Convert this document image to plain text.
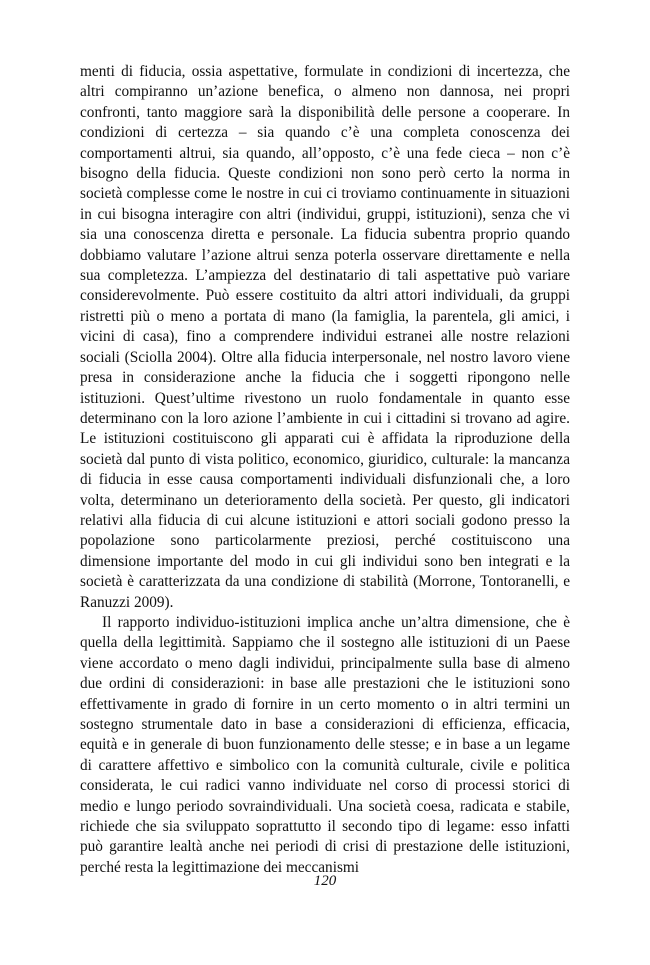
menti di fiducia, ossia aspettative, formulate in condizioni di incertezza, che altri compiranno un’azione benefica, o almeno non dannosa, nei propri confronti, tanto maggiore sarà la disponibilità delle persone a cooperare. In condizioni di certezza – sia quando c’è una completa conoscenza dei comportamenti altrui, sia quando, all’opposto, c’è una fede cieca – non c’è bisogno della fiducia. Queste condizioni non sono però certo la norma in società complesse come le nostre in cui ci troviamo continuamente in situazioni in cui bisogna interagire con altri (individui, gruppi, istituzioni), senza che vi sia una conoscenza diretta e personale. La fiducia subentra proprio quando dobbiamo valutare l’azione altrui senza poterla osservare direttamente e nella sua completezza. L’ampiezza del destinatario di tali aspettative può variare considerevolmente. Può essere costituito da altri attori individuali, da gruppi ristretti più o meno a portata di mano (la famiglia, la parentela, gli amici, i vicini di casa), fino a comprendere individui estranei alle nostre relazioni sociali (Sciolla 2004). Oltre alla fiducia interpersonale, nel nostro lavoro viene presa in considerazione anche la fiducia che i soggetti ripongono nelle istituzioni. Quest’ultime rivestono un ruolo fondamentale in quanto esse determinano con la loro azione l’ambiente in cui i cittadini si trovano ad agire. Le istituzioni costituiscono gli apparati cui è affidata la riproduzione della società dal punto di vista politico, economico, giuridico, culturale: la mancanza di fiducia in esse causa comportamenti individuali disfunzionali che, a loro volta, determinano un deterioramento della società. Per questo, gli indicatori relativi alla fiducia di cui alcune istituzioni e attori sociali godono presso la popolazione sono particolarmente preziosi, perché costituiscono una dimensione importante del modo in cui gli individui sono ben integrati e la società è caratterizzata da una condizione di stabilità (Morrone, Tontoranelli, e Ranuzzi 2009).

Il rapporto individuo-istituzioni implica anche un’altra dimensione, che è quella della legittimità. Sappiamo che il sostegno alle istituzioni di un Paese viene accordato o meno dagli individui, principalmente sulla base di almeno due ordini di considerazioni: in base alle prestazioni che le istituzioni sono effettivamente in grado di fornire in un certo momento o in altri termini un sostegno strumentale dato in base a considerazioni di efficienza, efficacia, equità e in generale di buon funzionamento delle stesse; e in base a un legame di carattere affettivo e simbolico con la comunità culturale, civile e politica considerata, le cui radici vanno individuate nel corso di processi storici di medio e lungo periodo sovraindividuali. Una società coesa, radicata e stabile, richiede che sia sviluppato soprattutto il secondo tipo di legame: esso infatti può garantire lealtà anche nei periodi di crisi di prestazione delle istituzioni, perché resta la legittimazione dei meccanismi

120
